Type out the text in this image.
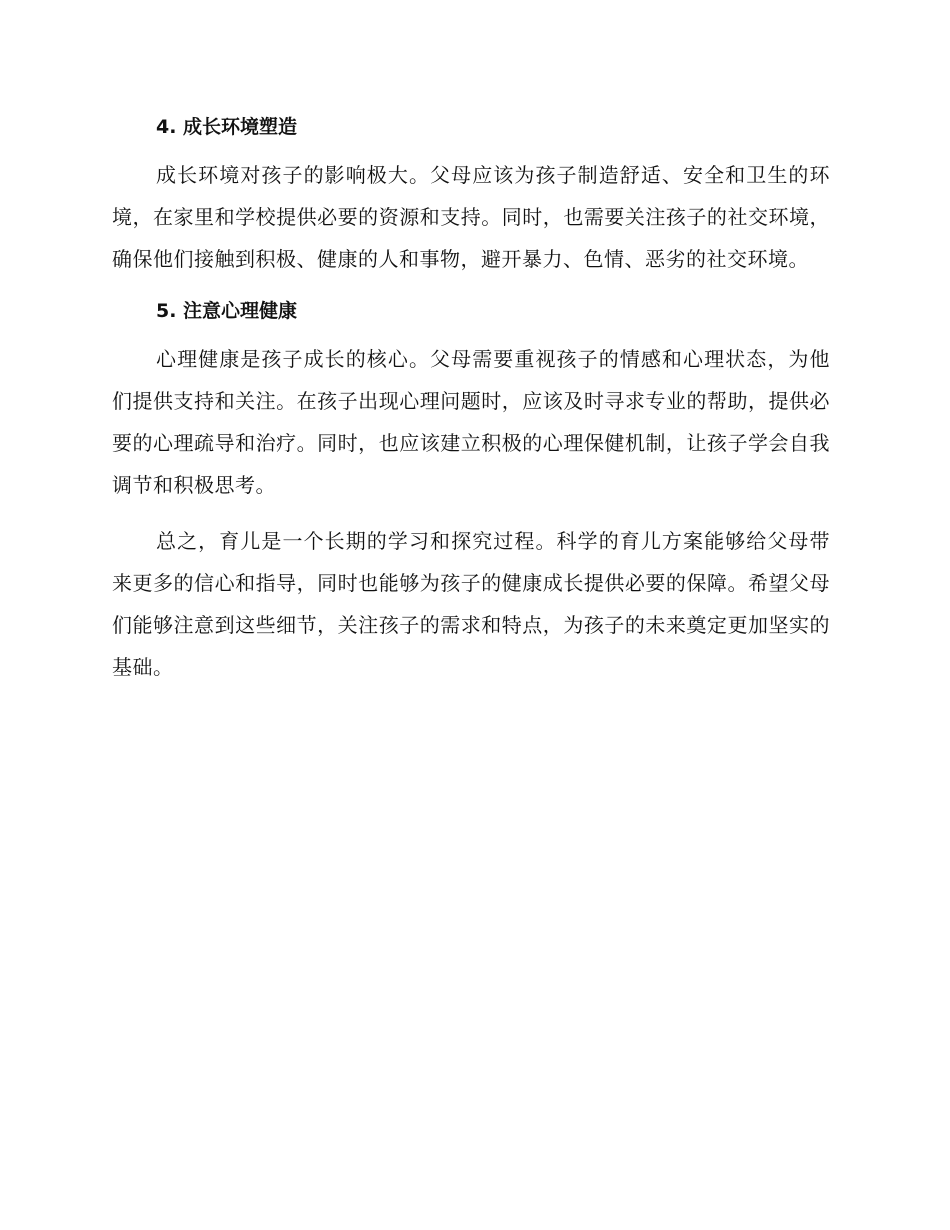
4. 成长环境塑造

成长环境对孩子的影响极大。父母应该为孩子制造舒适、安全和卫生的环境，在家里和学校提供必要的资源和支持。同时，也需要关注孩子的社交环境，确保他们接触到积极、健康的人和事物，避开暴力、色情、恶劣的社交环境。

5. 注意心理健康

心理健康是孩子成长的核心。父母需要重视孩子的情感和心理状态，为他们提供支持和关注。在孩子出现心理问题时，应该及时寻求专业的帮助，提供必要的心理疏导和治疗。同时，也应该建立积极的心理保健机制，让孩子学会自我调节和积极思考。

总之，育儿是一个长期的学习和探究过程。科学的育儿方案能够给父母带来更多的信心和指导，同时也能够为孩子的健康成长提供必要的保障。希望父母们能够注意到这些细节，关注孩子的需求和特点，为孩子的未来奠定更加坚实的基础。
